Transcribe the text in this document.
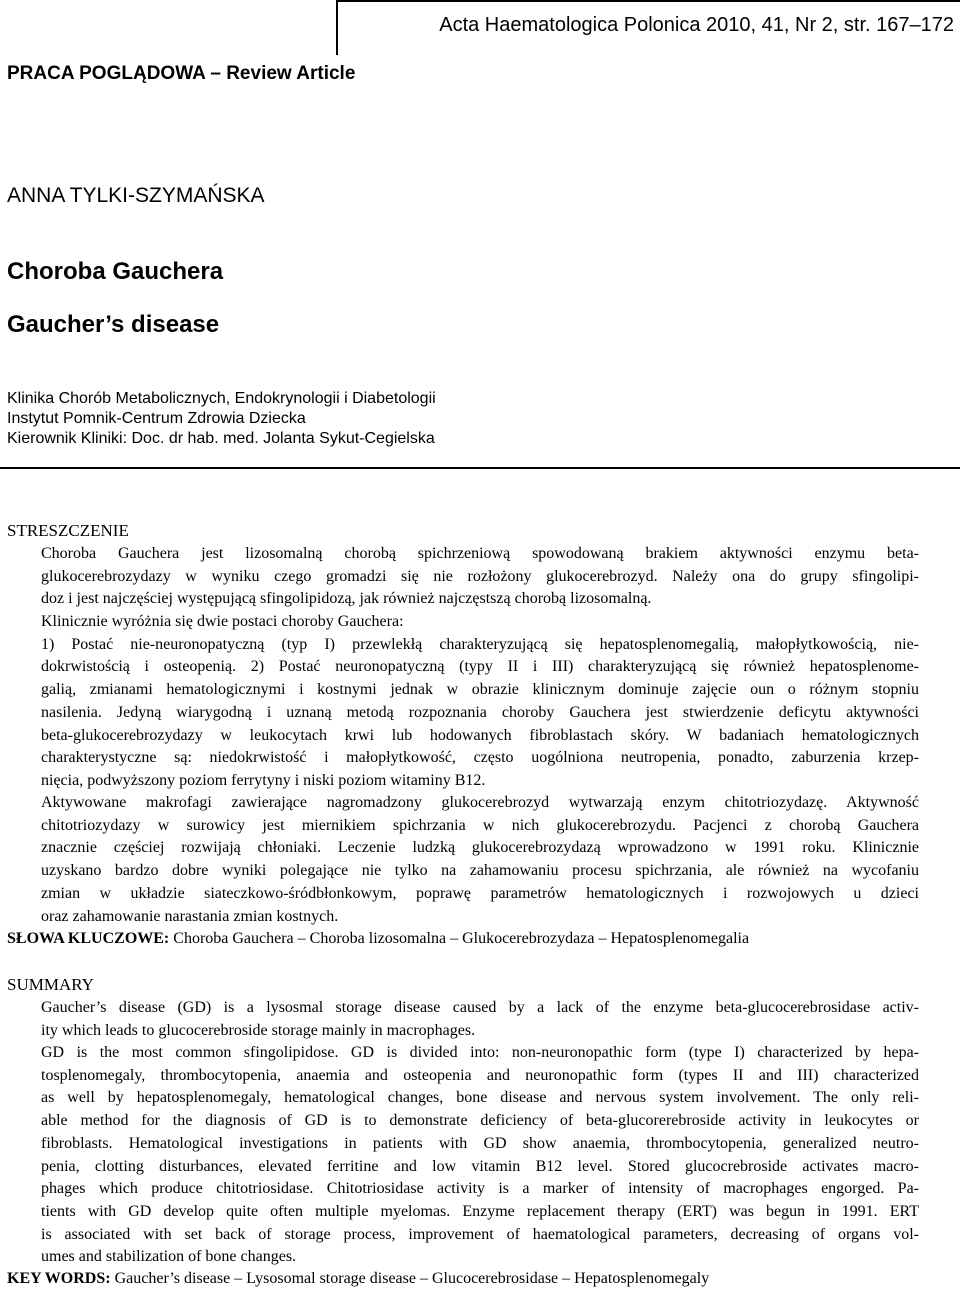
Acta Haematologica Polonica 2010, 41, Nr 2, str. 167–172
PRACA POGLĄDOWA – Review Article
ANNA TYLKI-SZYMAŃSKA
Choroba Gauchera
Gaucher’s disease
Klinika Chorób Metabolicznych, Endokrynologii i Diabetologii
Instytut Pomnik-Centrum Zdrowia Dziecka
Kierownik Kliniki: Doc. dr hab. med. Jolanta Sykut-Cegielska
STRESZCZENIE
Choroba Gauchera jest lizosomalną chorobą spichrzeniową spowodowaną brakiem aktywności enzymu beta-
glukocerebrozydazy w wyniku czego gromadzi się nie rozłożony glukocerebrozyd. Należy ona do grupy sfingolipi-
doz i jest najczęściej występującą sfingolipidozą, jak również najczęstszą chorobą lizosomalną.
Klinicznie wyróżnia się dwie postaci choroby Gauchera:
1) Postać nie-neuronopatyczną (typ I) przewlekłą charakteryzującą się hepatosplenomegalią, małopłytkowością, nie-
dokrwistością i osteopenią. 2) Postać neuronopatyczną (typy II i III) charakteryzującą się również hepatosplenome-
galią, zmianami hematologicznymi i kostnymi jednak w obrazie klinicznym dominuje zajęcie oun o różnym stopniu
nasilenia. Jedyną wiarygodną i uznaną metodą rozpoznania choroby Gauchera jest stwierdzenie deficytu aktywności
beta-glukocerebrozydazy w leukocytach krwi lub hodowanych fibroblastach skóry. W badaniach hematologicznych
charakterystyczne są: niedokrwistość i małopłytkowość, często uogólniona neutropenia, ponadto, zaburzenia krzep-
nięcia, podwyższony poziom ferrytyny i niski poziom witaminy B12.
Aktywowane makrofagi zawierające nagromadzony glukocerebrozyd wytwarzają enzym chitotriozydazę. Aktywność
chitotriozydazy w surowicy jest miernikiem spichrzania w nich glukocerebrozydu. Pacjenci z chorobą Gauchera
znacznie częściej rozwijają chłoniaki. Leczenie ludzką glukocerebrozydazą wprowadzono w 1991 roku. Klinicznie
uzyskano bardzo dobre wyniki polegające nie tylko na zahamowaniu procesu spichrzania, ale również na wycofaniu
zmian w układzie siateczkowo-śródbłonkowym, poprawę parametrów hematologicznych i rozwojowych u dzieci
oraz zahamowanie narastania zmian kostnych.
SŁOWA KLUCZOWE: Choroba Gauchera – Choroba lizosomalna – Glukocerebrozydaza – Hepatosplenomegalia
SUMMARY
Gaucher’s disease (GD) is a lysosmal storage disease caused by a lack of the enzyme beta-glucocerebrosidase activ-
ity which leads to glucocerebroside storage mainly in macrophages.
GD is the most common sfingolipidose. GD is divided into: non-neuronopathic form (type I) characterized by hepa-
tosplenomegaly, thrombocytopenia, anaemia and osteopenia and neuronopathic form (types II and III) characterized
as well by hepatosplenomegaly, hematological changes, bone disease and nervous system involvement. The only reli-
able method for the diagnosis of GD is to demonstrate deficiency of beta-glucorerebroside activity in leukocytes or
fibroblasts. Hematological investigations in patients with GD show anaemia, thrombocytopenia, generalized neutro-
penia, clotting disturbances, elevated ferritine and low vitamin B12 level. Stored glucocrebroside activates macro-
phages which produce chitotriosidase. Chitotriosidase activity is a marker of intensity of macrophages engorged. Pa-
tients with GD develop quite often multiple myelomas. Enzyme replacement therapy (ERT) was begun in 1991. ERT
is associated with set back of storage process, improvement of haematological parameters, decreasing of organs vol-
umes and stabilization of bone changes.
KEY WORDS: Gaucher’s disease – Lysosomal storage disease – Glucocerebrosidase – Hepatosplenomegaly
